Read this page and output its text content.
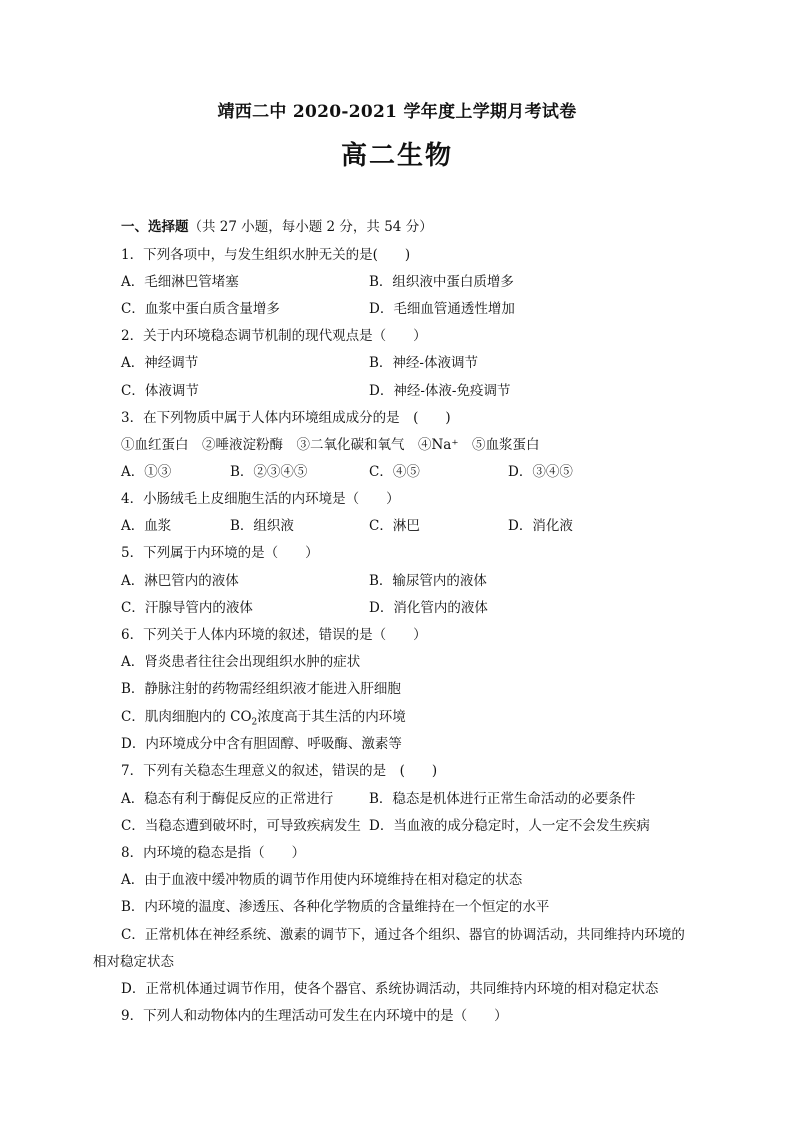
靖西二中 2020-2021 学年度上学期月考试卷
高二生物
一、选择题（共 27 小题，每小题 2 分，共 54 分）
1．下列各项中，与发生组织水肿无关的是(　　)
A．毛细淋巴管堵塞	B．组织液中蛋白质增多
C．血浆中蛋白质含量增多	D．毛细血管通透性增加
2．关于内环境稳态调节机制的现代观点是（　　）
A．神经调节	B．神经-体液调节
C．体液调节	D．神经-体液-免疫调节
3．在下列物质中属于人体内环境组成成分的是　(　　)
①血红蛋白　②唾液淀粉酶　③二氧化碳和氧气　④Na⁺　⑤血浆蛋白
A．①③	B．②③④⑤	C．④⑤	D．③④⑤
4．小肠绒毛上皮细胞生活的内环境是（　　）
A．血浆	B．组织液	C．淋巴	D．消化液
5．下列属于内环境的是（　　）
A．淋巴管内的液体	B．输尿管内的液体
C．汗腺导管内的液体	D．消化管内的液体
6．下列关于人体内环境的叙述，错误的是（　　）
A．肾炎患者往往会出现组织水肿的症状
B．静脉注射的药物需经组织液才能进入肝细胞
C．肌肉细胞内的 $CO_2$浓度高于其生活的内环境
D．内环境成分中含有胆固醇、呼吸酶、激素等
7．下列有关稳态生理意义的叙述，错误的是　(　　)
A．稳态有利于酶促反应的正常进行	B．稳态是机体进行正常生命活动的必要条件
C．当稳态遭到破坏时，可导致疾病发生 D．当血液的成分稳定时，人一定不会发生疾病
8．内环境的稳态是指（　　）
A．由于血液中缓冲物质的调节作用使内环境维持在相对稳定的状态
B．内环境的温度、渗透压、各种化学物质的含量维持在一个恒定的水平
C．正常机体在神经系统、激素的调节下，通过各个组织、器官的协调活动，共同维持内环境的
相对稳定状态
D．正常机体通过调节作用，使各个器官、系统协调活动，共同维持内环境的相对稳定状态
9．下列人和动物体内的生理活动可发生在内环境中的是（　　）
